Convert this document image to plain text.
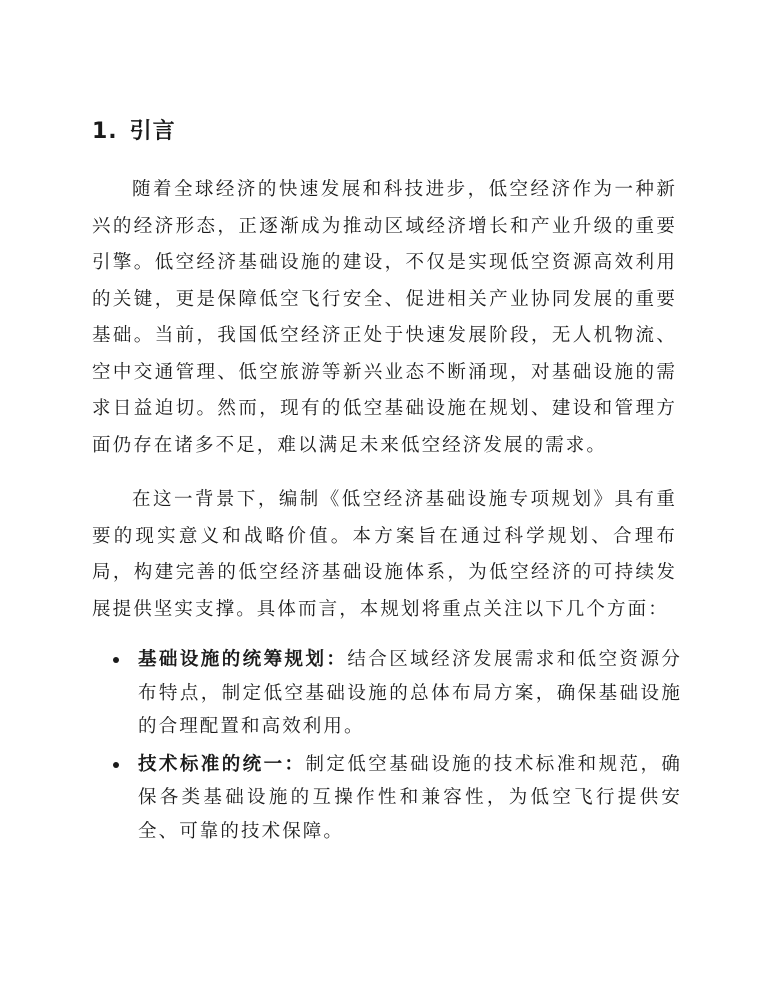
1. 引言

随着全球经济的快速发展和科技进步，低空经济作为一种新兴的经济形态，正逐渐成为推动区域经济增长和产业升级的重要引擎。低空经济基础设施的建设，不仅是实现低空资源高效利用的关键，更是保障低空飞行安全、促进相关产业协同发展的重要基础。当前，我国低空经济正处于快速发展阶段，无人机物流、空中交通管理、低空旅游等新兴业态不断涌现，对基础设施的需求日益迫切。然而，现有的低空基础设施在规划、建设和管理方面仍存在诸多不足，难以满足未来低空经济发展的需求。

在这一背景下，编制《低空经济基础设施专项规划》具有重要的现实意义和战略价值。本方案旨在通过科学规划、合理布局，构建完善的低空经济基础设施体系，为低空经济的可持续发展提供坚实支撑。具体而言，本规划将重点关注以下几个方面：

基础设施的统筹规划：结合区域经济发展需求和低空资源分布特点，制定低空基础设施的总体布局方案，确保基础设施的合理配置和高效利用。
技术标准的统一：制定低空基础设施的技术标准和规范，确保各类基础设施的互操作性和兼容性，为低空飞行提供安全、可靠的技术保障。
